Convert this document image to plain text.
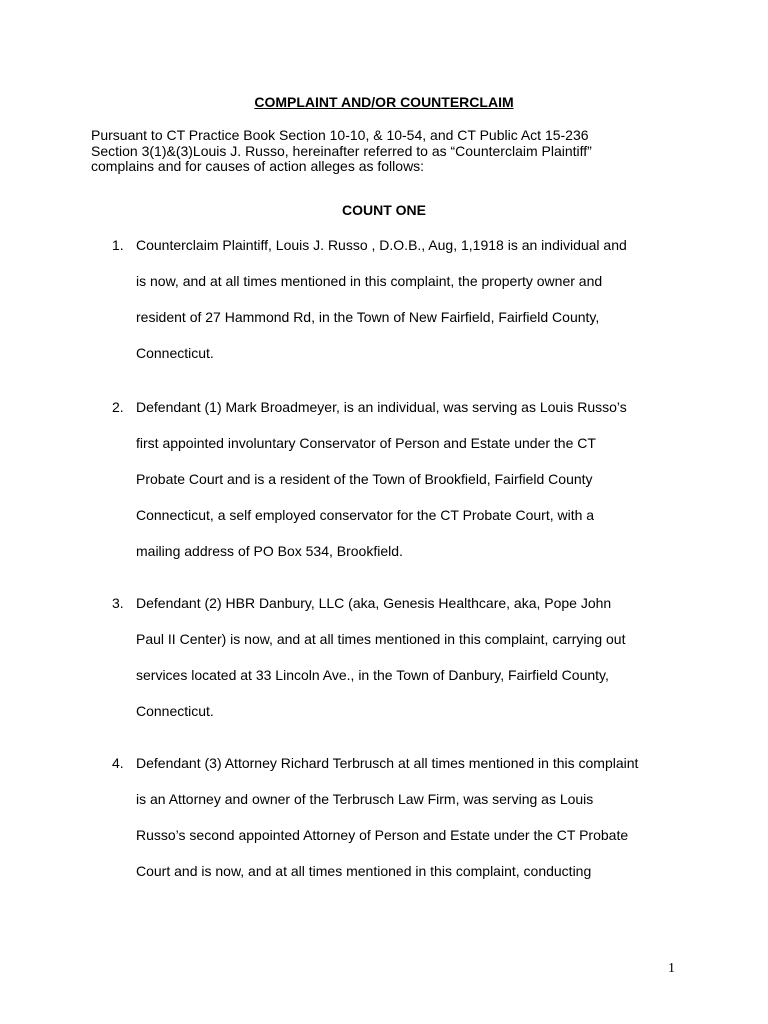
COMPLAINT AND/OR COUNTERCLAIM
Pursuant to CT Practice Book Section 10-10, & 10-54, and CT Public Act 15-236
Section 3(1)&(3)Louis J. Russo, hereinafter referred to as “Counterclaim Plaintiff”
complains and for causes of action alleges as follows:
COUNT ONE
1. Counterclaim Plaintiff, Louis J. Russo , D.O.B., Aug, 1,1918 is an individual and
is now, and at all times mentioned in this complaint, the property owner and
resident of 27 Hammond Rd, in the Town of New Fairfield, Fairfield County,
Connecticut.
2. Defendant (1) Mark Broadmeyer, is an individual, was serving as Louis Russo’s
first appointed involuntary Conservator of Person and Estate under the CT
Probate Court and is a resident of the Town of Brookfield, Fairfield County
Connecticut, a self employed conservator for the CT Probate Court, with a
mailing address of PO Box 534, Brookfield.
3. Defendant (2) HBR Danbury, LLC (aka, Genesis Healthcare, aka, Pope John
Paul II Center) is now, and at all times mentioned in this complaint, carrying out
services located at 33 Lincoln Ave., in the Town of Danbury, Fairfield County,
Connecticut.
4. Defendant (3) Attorney Richard Terbrusch at all times mentioned in this complaint
is an Attorney and owner of the Terbrusch Law Firm, was serving as Louis
Russo’s second appointed Attorney of Person and Estate under the CT Probate
Court and is now, and at all times mentioned in this complaint, conducting
1
